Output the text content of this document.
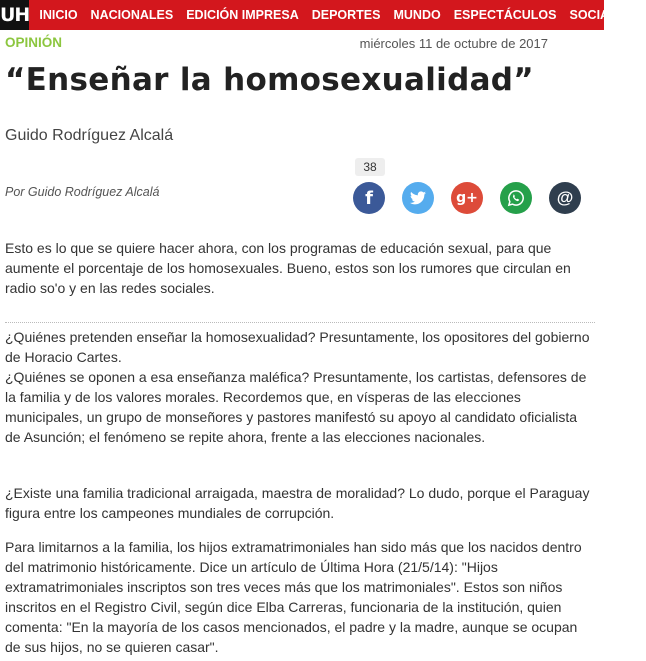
UH INICIO NACIONALES EDICIÓN IMPRESA DEPORTES MUNDO ESPECTÁCULOS SOCIALES
OPINIÓN	miércoles 11 de octubre de 2017
“Enseñar la homosexualidad”
Guido Rodríguez Alcalá
Por Guido Rodríguez Alcalá
38
f	g+	@

Esto es lo que se quiere hacer ahora, con los programas de educación sexual, para que aumente el porcentaje de los homosexuales. Bueno, estos son los rumores que circulan en radio so'o y en las redes sociales.

¿Quiénes pretenden enseñar la homosexualidad? Presuntamente, los opositores del gobierno de Horacio Cartes.

¿Quiénes se oponen a esa enseñanza maléfica? Presuntamente, los cartistas, defensores de la familia y de los valores morales. Recordemos que, en vísperas de las elecciones municipales, un grupo de monseñores y pastores manifestó su apoyo al candidato oficialista de Asunción; el fenómeno se repite ahora, frente a las elecciones nacionales.

¿Existe una familia tradicional arraigada, maestra de moralidad? Lo dudo, porque el Paraguay figura entre los campeones mundiales de corrupción.

Para limitarnos a la familia, los hijos extramatrimoniales han sido más que los nacidos dentro del matrimonio históricamente. Dice un artículo de Última Hora (21/5/14): "Hijos extramatrimoniales inscriptos son tres veces más que los matrimoniales". Estos son niños inscritos en el Registro Civil, según dice Elba Carreras, funcionaria de la institución, quien comenta: "En la mayoría de los casos mencionados, el padre y la madre, aunque se ocupan de sus hijos, no se quieren casar".
